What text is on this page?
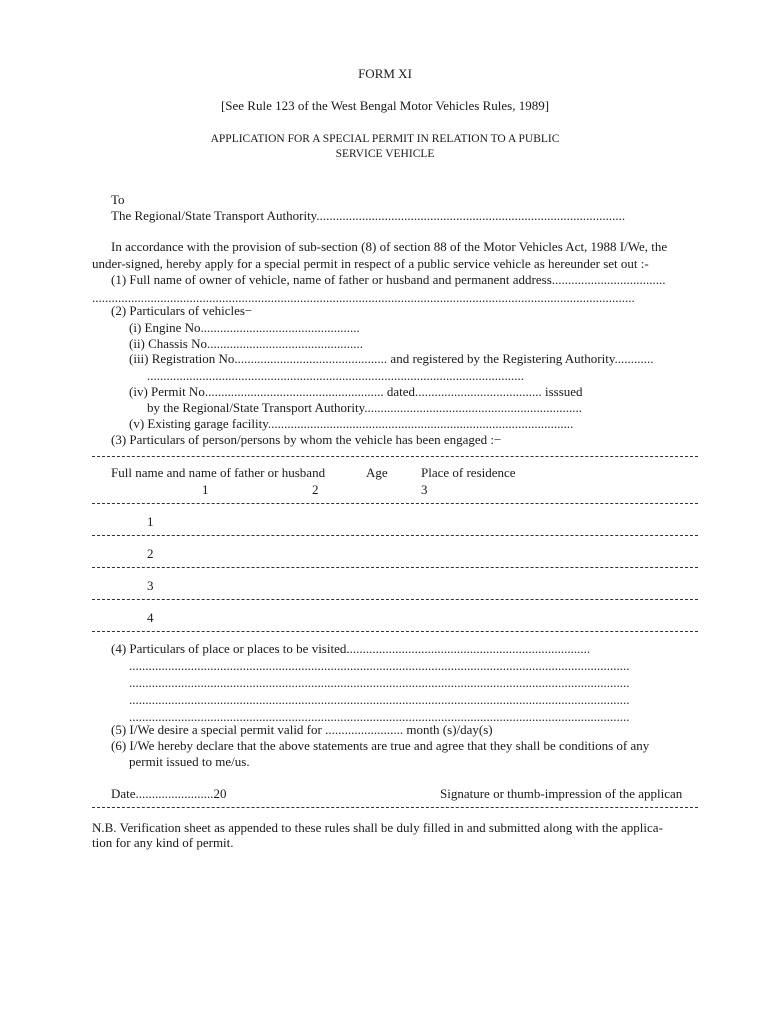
FORM XI
[See Rule 123 of the West Bengal Motor Vehicles Rules, 1989]
APPLICATION FOR A SPECIAL PERMIT IN RELATION TO A PUBLIC
SERVICE VEHICLE
To
The Regional/State Transport Authority...............................................................................................
In accordance with the provision of sub-section (8) of section 88 of the Motor Vehicles Act, 1988 I/We, the
under-signed, hereby apply for a special permit in respect of a public service vehicle as hereunder set out :-
(1) Full name of owner of vehicle, name of father or husband and permanent address...................................
.......................................................................................................................................................................
(2) Particulars of vehicles−
(i) Engine No.................................................
(ii) Chassis No................................................
(iii) Registration No............................................... and registered by the Registering Authority............
....................................................................................................................
(iv) Permit No....................................................... dated....................................... isssued
by the Regional/State Transport Authority...................................................................
(v) Existing garage facility..............................................................................................
(3) Particulars of person/persons by whom the vehicle has been engaged :−
Full name and name of father or husband	Age	Place of residence
1	2	3
1
2
3
4
(4) Particulars of place or places to be visited...........................................................................
..........................................................................................................................................................
..........................................................................................................................................................
..........................................................................................................................................................
..........................................................................................................................................................
(5) I/We desire a special permit valid for ........................ month (s)/day(s)
(6) I/We hereby declare that the above statements are true and agree that they shall be conditions of any
permit issued to me/us.
Date........................20	Signature or thumb-impression of the applican
N.B. Verification sheet as appended to these rules shall be duly filled in and submitted along with the applica-
tion for any kind of permit.
